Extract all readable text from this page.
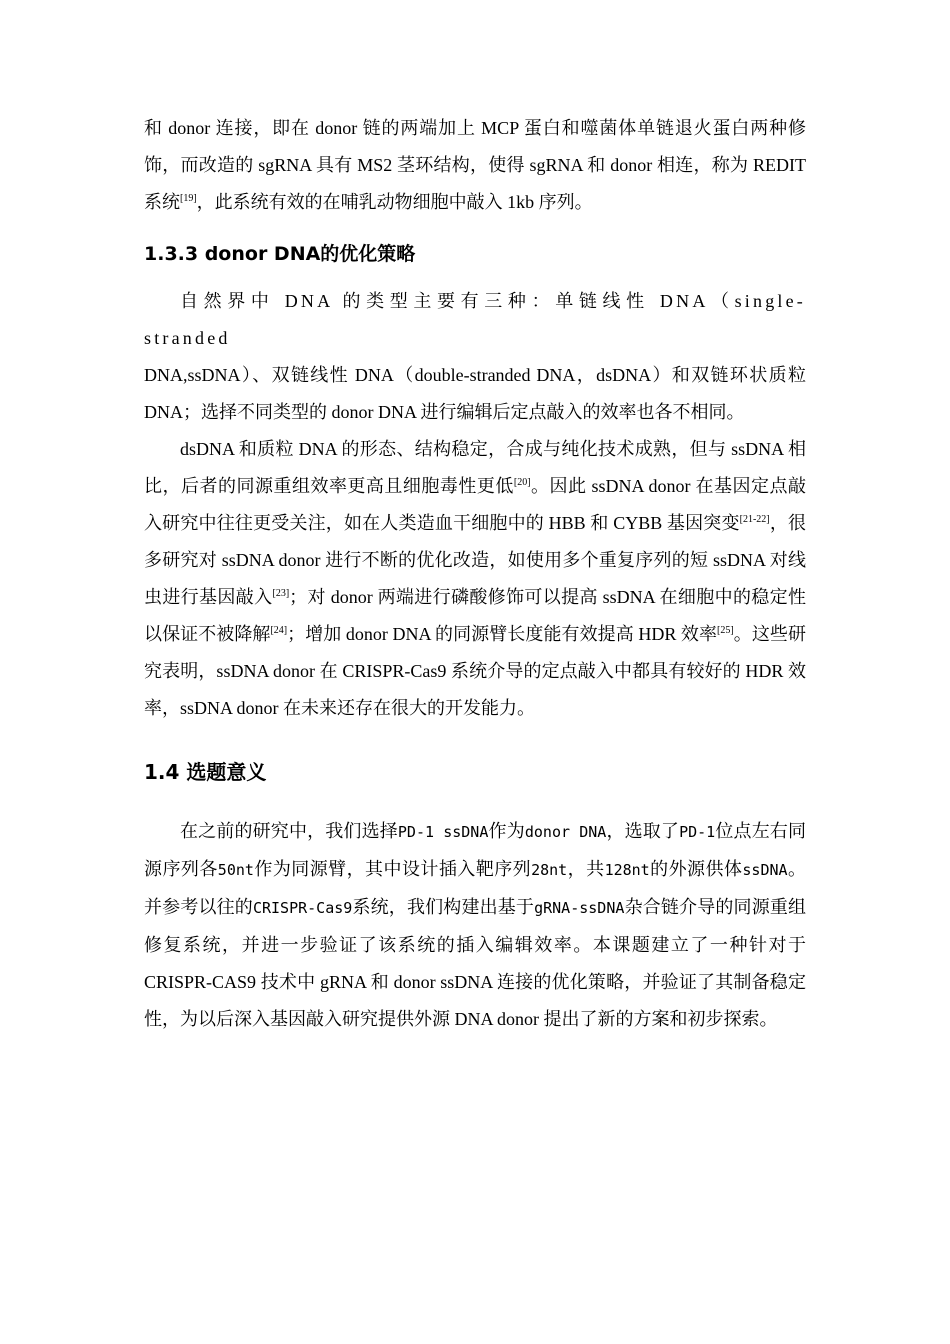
和 donor 连接，即在 donor 链的两端加上 MCP 蛋白和噬菌体单链退火蛋白两种修饰，而改造的 sgRNA 具有 MS2 茎环结构，使得 sgRNA 和 donor 相连，称为 REDIT 系统[19]，此系统有效的在哺乳动物细胞中敲入 1kb 序列。

1.3.3 donor DNA的优化策略

自然界中 DNA 的类型主要有三种：单链线性 DNA（single-stranded
DNA,ssDNA）、双链线性 DNA（double-stranded DNA，dsDNA）和双链环状质粒 DNA；选择不同类型的 donor DNA 进行编辑后定点敲入的效率也各不相同。

dsDNA 和质粒 DNA 的形态、结构稳定，合成与纯化技术成熟，但与 ssDNA 相比，后者的同源重组效率更高且细胞毒性更低[20]。因此 ssDNA donor 在基因定点敲入研究中往往更受关注，如在人类造血干细胞中的 HBB 和 CYBB 基因突变[21-22]，很多研究对 ssDNA donor 进行不断的优化改造，如使用多个重复序列的短 ssDNA 对线虫进行基因敲入[23]；对 donor 两端进行磷酸修饰可以提高 ssDNA 在细胞中的稳定性以保证不被降解[24]；增加 donor DNA 的同源臂长度能有效提高 HDR 效率[25]。这些研究表明，ssDNA donor 在 CRISPR-Cas9 系统介导的定点敲入中都具有较好的 HDR 效率，ssDNA donor 在未来还存在很大的开发能力。

1.4 选题意义

在之前的研究中，我们选择PD-1 ssDNA作为donor DNA，选取了PD-1位点左右同源序列各50nt作为同源臂，其中设计插入靶序列28nt，共128nt的外源供体ssDNA。并参考以往的CRISPR-Cas9系统，我们构建出基于gRNA-ssDNA杂合链介导的同源重组修复系统，并进一步验证了该系统的插入编辑效率。本课题建立了一种针对于 CRISPR-CAS9 技术中 gRNA 和 donor ssDNA 连接的优化策略，并验证了其制备稳定性，为以后深入基因敲入研究提供外源 DNA donor 提出了新的方案和初步探索。
